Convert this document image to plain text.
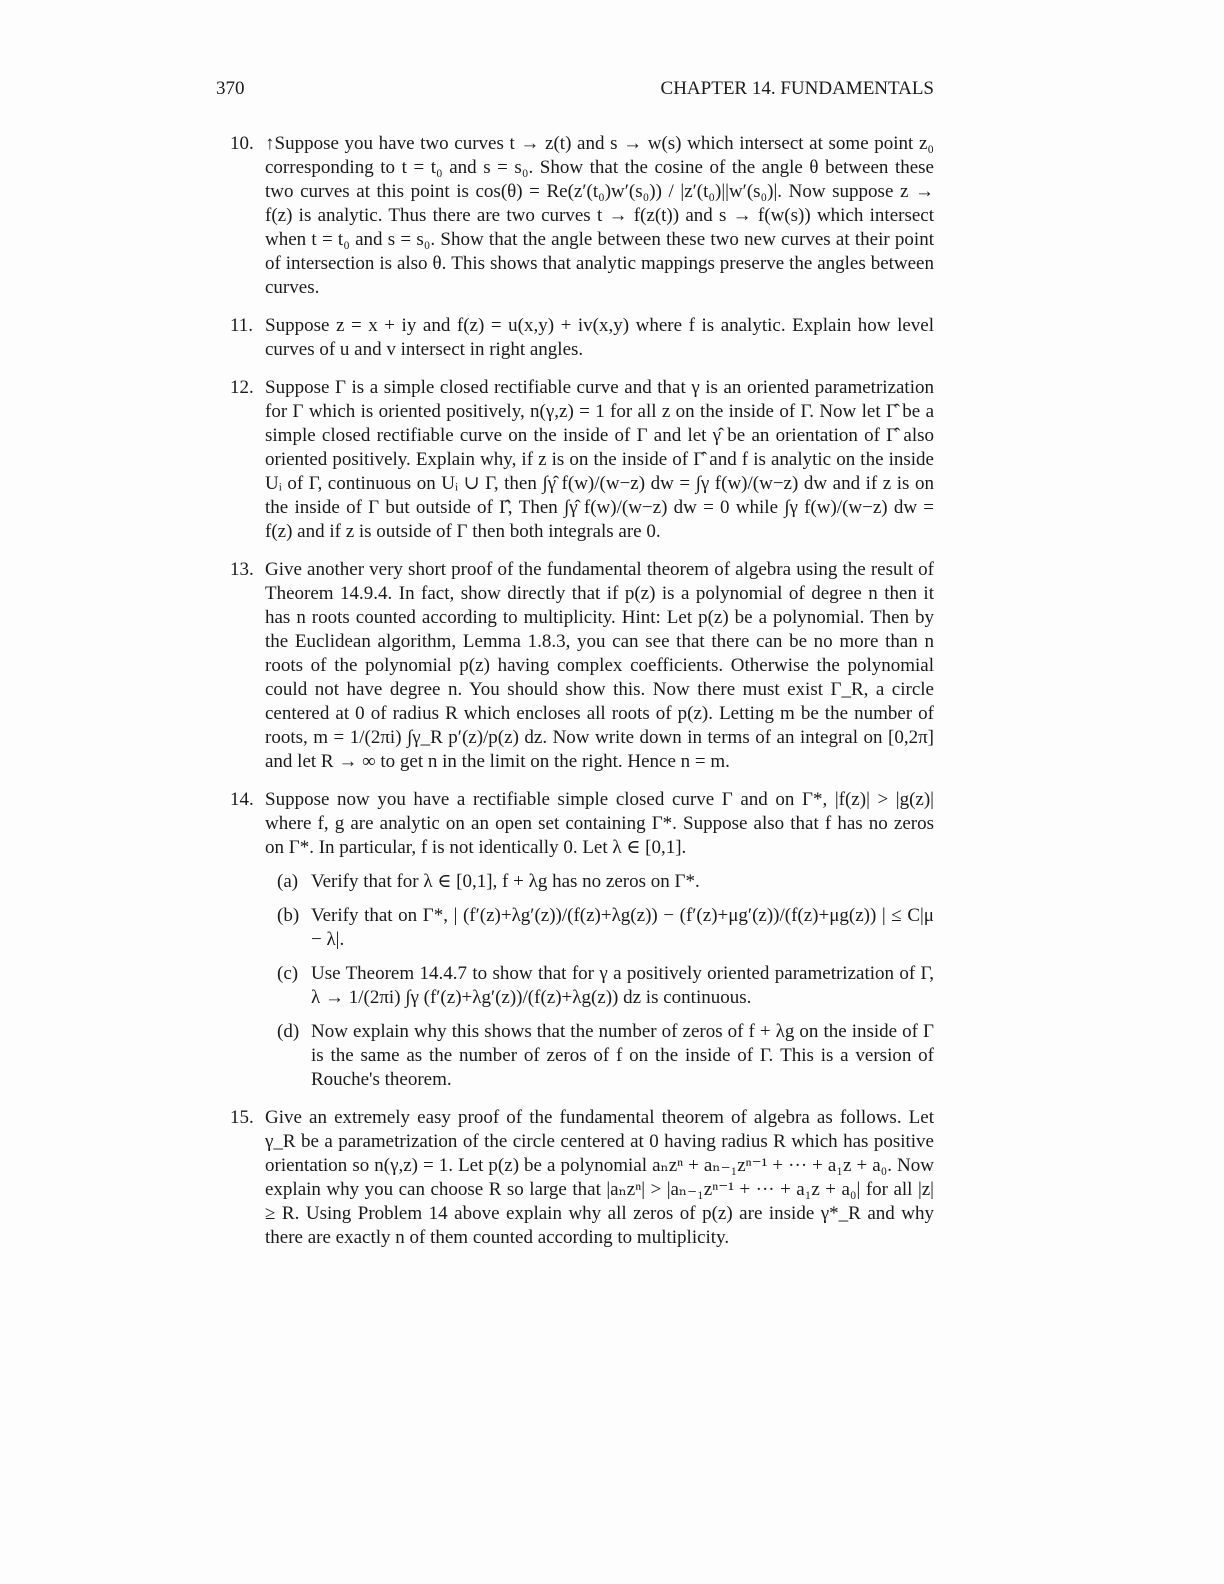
370	CHAPTER 14. FUNDAMENTALS
10. ↑Suppose you have two curves t → z(t) and s → w(s) which intersect at some point z₀ corresponding to t = t₀ and s = s₀. Show that the cosine of the angle θ between these two curves at this point is cos(θ) = Re(z′(t₀)w′(s₀)) / |z′(t₀)||w′(s₀)|. Now suppose z → f(z) is analytic. Thus there are two curves t → f(z(t)) and s → f(w(s)) which intersect when t = t₀ and s = s₀. Show that the angle between these two new curves at their point of intersection is also θ. This shows that analytic mappings preserve the angles between curves.
11. Suppose z = x + iy and f(z) = u(x,y) + iv(x,y) where f is analytic. Explain how level curves of u and v intersect in right angles.
12. Suppose Γ is a simple closed rectifiable curve and that γ is an oriented parametrization for Γ which is oriented positively, n(γ,z) = 1 for all z on the inside of Γ. Now let Γ̂ be a simple closed rectifiable curve on the inside of Γ and let γ̂ be an orientation of Γ̂ also oriented positively. Explain why, if z is on the inside of Γ̂ and f is analytic on the inside Uᵢ of Γ, continuous on Uᵢ ∪ Γ, then ∫γ̂ f(w)/(w−z) dw = ∫γ f(w)/(w−z) dw and if z is on the inside of Γ but outside of Γ̂, Then ∫γ̂ f(w)/(w−z) dw = 0 while ∫γ f(w)/(w−z) dw = f(z) and if z is outside of Γ then both integrals are 0.
13. Give another very short proof of the fundamental theorem of algebra using the result of Theorem 14.9.4. In fact, show directly that if p(z) is a polynomial of degree n then it has n roots counted according to multiplicity. Hint: Let p(z) be a polynomial. Then by the Euclidean algorithm, Lemma 1.8.3, you can see that there can be no more than n roots of the polynomial p(z) having complex coefficients. Otherwise the polynomial could not have degree n. You should show this. Now there must exist Γ_R, a circle centered at 0 of radius R which encloses all roots of p(z). Letting m be the number of roots, m = 1/(2πi) ∫γ_R p′(z)/p(z) dz. Now write down in terms of an integral on [0,2π] and let R → ∞ to get n in the limit on the right. Hence n = m.
14. Suppose now you have a rectifiable simple closed curve Γ and on Γ*, |f(z)| > |g(z)| where f, g are analytic on an open set containing Γ*. Suppose also that f has no zeros on Γ*. In particular, f is not identically 0. Let λ ∈ [0,1].
(a) Verify that for λ ∈ [0,1], f + λg has no zeros on Γ*.
(b) Verify that on Γ*, | (f′(z)+λg′(z))/(f(z)+λg(z)) − (f′(z)+μg′(z))/(f(z)+μg(z)) | ≤ C|μ − λ|.
(c) Use Theorem 14.4.7 to show that for γ a positively oriented parametrization of Γ, λ → 1/(2πi) ∫γ (f′(z)+λg′(z))/(f(z)+λg(z)) dz is continuous.
(d) Now explain why this shows that the number of zeros of f + λg on the inside of Γ is the same as the number of zeros of f on the inside of Γ. This is a version of Rouche's theorem.
15. Give an extremely easy proof of the fundamental theorem of algebra as follows. Let γ_R be a parametrization of the circle centered at 0 having radius R which has positive orientation so n(γ,z) = 1. Let p(z) be a polynomial aₙzⁿ + aₙ₋₁zⁿ⁻¹ + ··· + a₁z + a₀. Now explain why you can choose R so large that |aₙzⁿ| > |aₙ₋₁zⁿ⁻¹ + ··· + a₁z + a₀| for all |z| ≥ R. Using Problem 14 above explain why all zeros of p(z) are inside γ*_R and why there are exactly n of them counted according to multiplicity.
